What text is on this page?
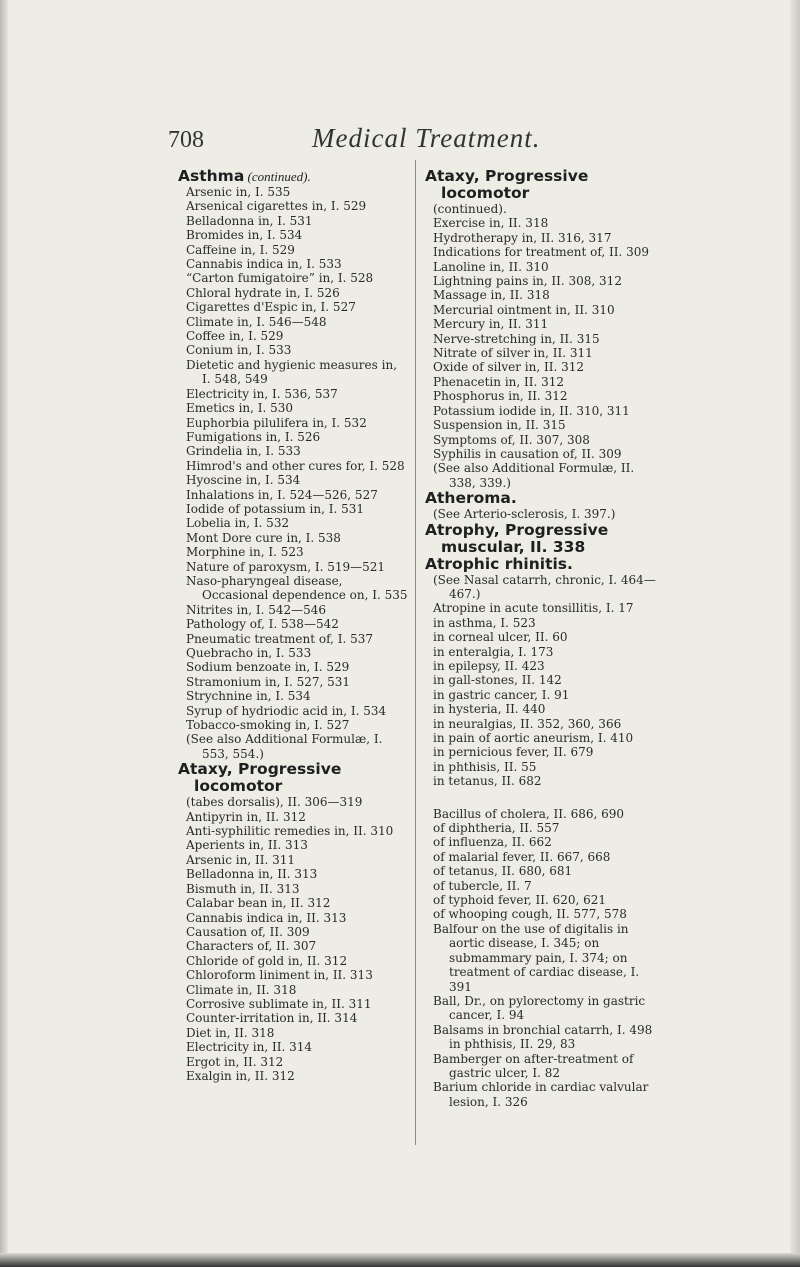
708	Medical Treatment.
Asthma (continued).
Arsenic in, I. 535
Arsenical cigarettes in, I. 529
Belladonna in, I. 531
Bromides in, I. 534
Caffeine in, I. 529
Cannabis indica in, I. 533
“Carton fumigatoire” in, I. 528
Chloral hydrate in, I. 526
Cigarettes d'Espic in, I. 527
Climate in, I. 546—548
Coffee in, I. 529
Conium in, I. 533
Dietetic and hygienic measures in, I. 548, 549
Electricity in, I. 536, 537
Emetics in, I. 530
Euphorbia pilulifera in, I. 532
Fumigations in, I. 526
Grindelia in, I. 533
Himrod's and other cures for, I. 528
Hyoscine in, I. 534
Inhalations in, I. 524—526, 527
Iodide of potassium in, I. 531
Lobelia in, I. 532
Mont Dore cure in, I. 538
Morphine in, I. 523
Nature of paroxysm, I. 519—521
Naso-pharyngeal disease, Occasional dependence on, I. 535
Nitrites in, I. 542—546
Pathology of, I. 538—542
Pneumatic treatment of, I. 537
Quebracho in, I. 533
Sodium benzoate in, I. 529
Stramonium in, I. 527, 531
Strychnine in, I. 534
Syrup of hydriodic acid in, I. 534
Tobacco-smoking in, I. 527
(See also Additional Formulæ, I. 553, 554.)
Ataxy, Progressive locomotor
(tabes dorsalis), II. 306—319
Antipyrin in, II. 312
Anti-syphilitic remedies in, II. 310
Aperients in, II. 313
Arsenic in, II. 311
Belladonna in, II. 313
Bismuth in, II. 313
Calabar bean in, II. 312
Cannabis indica in, II. 313
Causation of, II. 309
Characters of, II. 307
Chloride of gold in, II. 312
Chloroform liniment in, II. 313
Climate in, II. 318
Corrosive sublimate in, II. 311
Counter-irritation in, II. 314
Diet in, II. 318
Electricity in, II. 314
Ergot in, II. 312
Exalgin in, II. 312
Ataxy, Progressive locomotor
(continued).
Exercise in, II. 318
Hydrotherapy in, II. 316, 317
Indications for treatment of, II. 309
Lanoline in, II. 310
Lightning pains in, II. 308, 312
Massage in, II. 318
Mercurial ointment in, II. 310
Mercury in, II. 311
Nerve-stretching in, II. 315
Nitrate of silver in, II. 311
Oxide of silver in, II. 312
Phenacetin in, II. 312
Phosphorus in, II. 312
Potassium iodide in, II. 310, 311
Suspension in, II. 315
Symptoms of, II. 307, 308
Syphilis in causation of, II. 309
(See also Additional Formulæ, II. 338, 339.)
Atheroma.
(See Arterio-sclerosis, I. 397.)
Atrophy, Progressive muscular, II. 338
Atrophic rhinitis.
(See Nasal catarrh, chronic, I. 464—467.)
Atropine in acute tonsillitis, I. 17
in asthma, I. 523
in corneal ulcer, II. 60
in enteralgia, I. 173
in epilepsy, II. 423
in gall-stones, II. 142
in gastric cancer, I. 91
in hysteria, II. 440
in neuralgias, II. 352, 360, 366
in pain of aortic aneurism, I. 410
in pernicious fever, II. 679
in phthisis, II. 55
in tetanus, II. 682
Bacillus of cholera, II. 686, 690
of diphtheria, II. 557
of influenza, II. 662
of malarial fever, II. 667, 668
of tetanus, II. 680, 681
of tubercle, II. 7
of typhoid fever, II. 620, 621
of whooping cough, II. 577, 578
Balfour on the use of digitalis in aortic disease, I. 345; on submammary pain, I. 374; on treatment of cardiac disease, I. 391
Ball, Dr., on pylorectomy in gastric cancer, I. 94
Balsams in bronchial catarrh, I. 498 in phthisis, II. 29, 83
Bamberger on after-treatment of gastric ulcer, I. 82
Barium chloride in cardiac valvular lesion, I. 326
